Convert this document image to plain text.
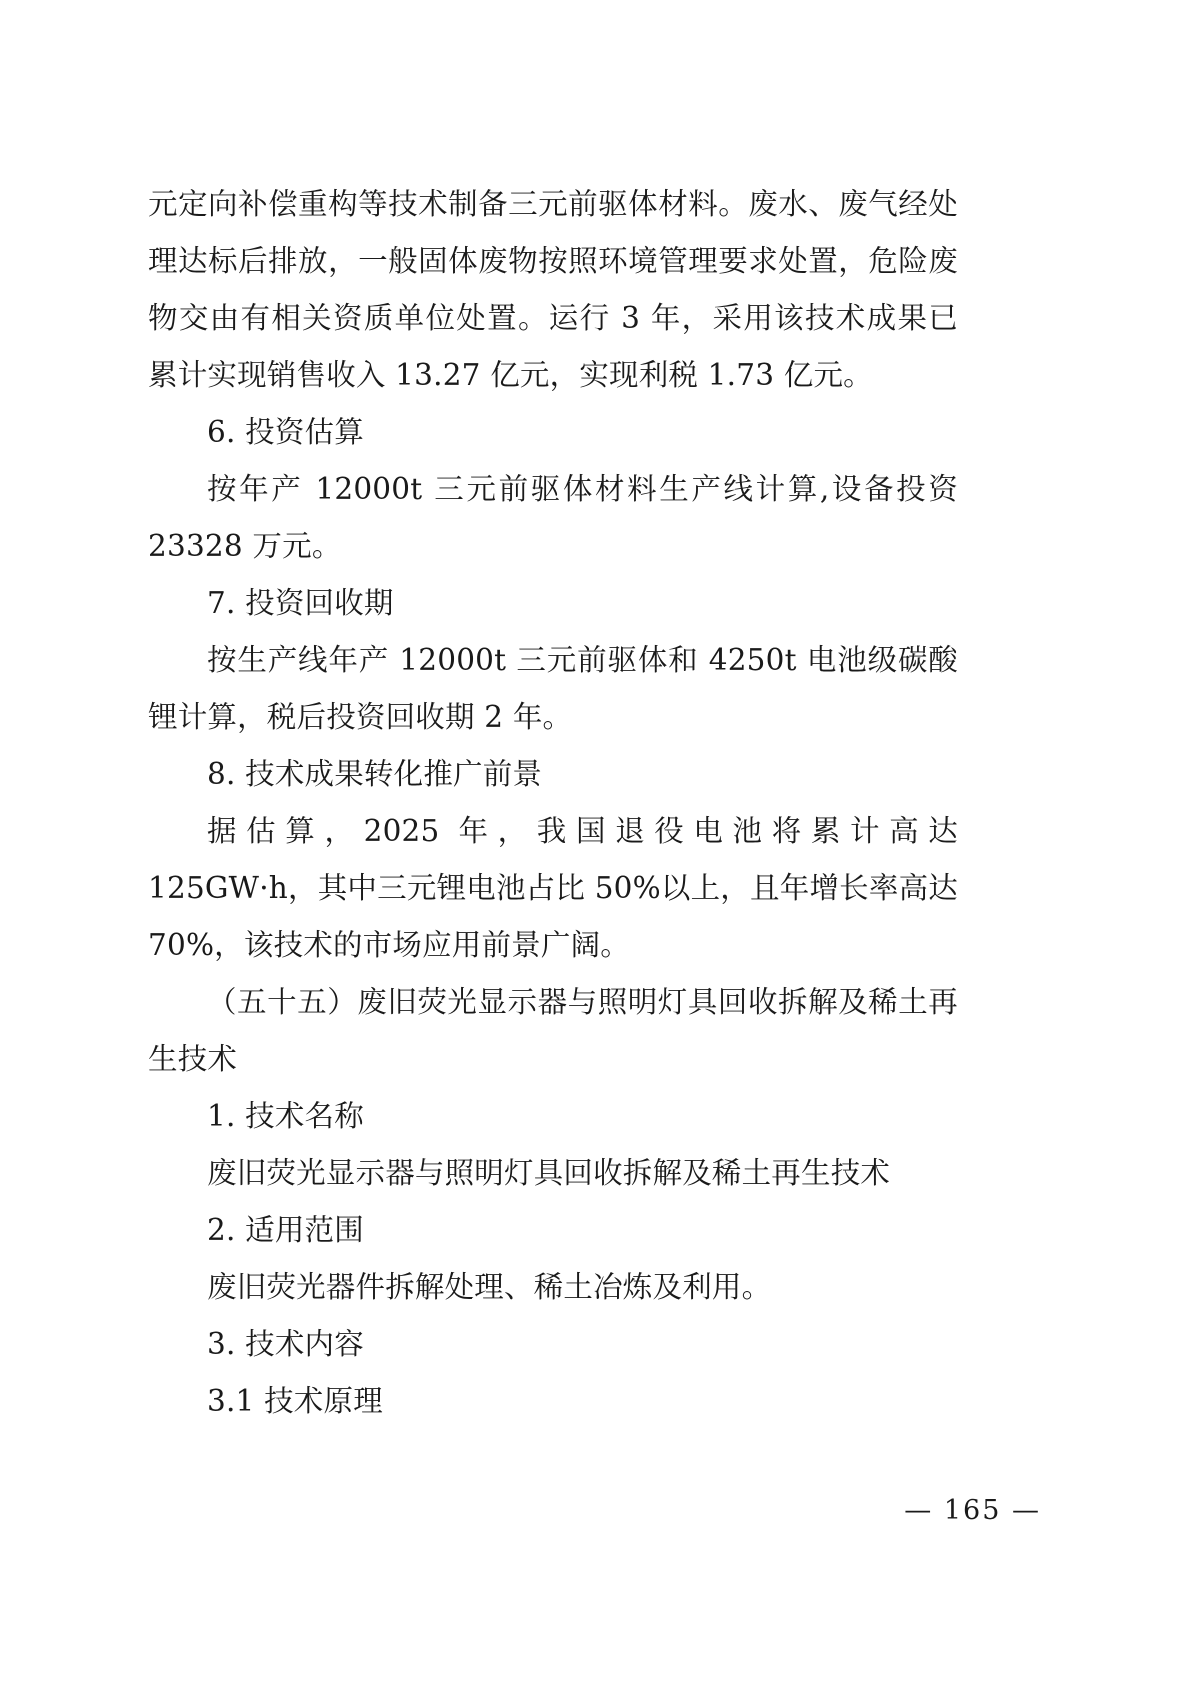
元定向补偿重构等技术制备三元前驱体材料。废水、废气经处理达标后排放，一般固体废物按照环境管理要求处置，危险废物交由有相关资质单位处置。运行 3 年，采用该技术成果已累计实现销售收入 13.27 亿元，实现利税 1.73 亿元。

6. 投资估算

按年产 12000t 三元前驱体材料生产线计算,设备投资 23328 万元。

7. 投资回收期

按生产线年产 12000t 三元前驱体和 4250t 电池级碳酸锂计算，税后投资回收期 2 年。

8. 技术成果转化推广前景

据估算，2025 年，我国退役电池将累计高达 125GW·h，其中三元锂电池占比 50%以上，且年增长率高达 70%，该技术的市场应用前景广阔。

（五十五）废旧荧光显示器与照明灯具回收拆解及稀土再生技术

1. 技术名称

废旧荧光显示器与照明灯具回收拆解及稀土再生技术

2. 适用范围

废旧荧光器件拆解处理、稀土冶炼及利用。

3. 技术内容

3.1 技术原理

— 165 —
